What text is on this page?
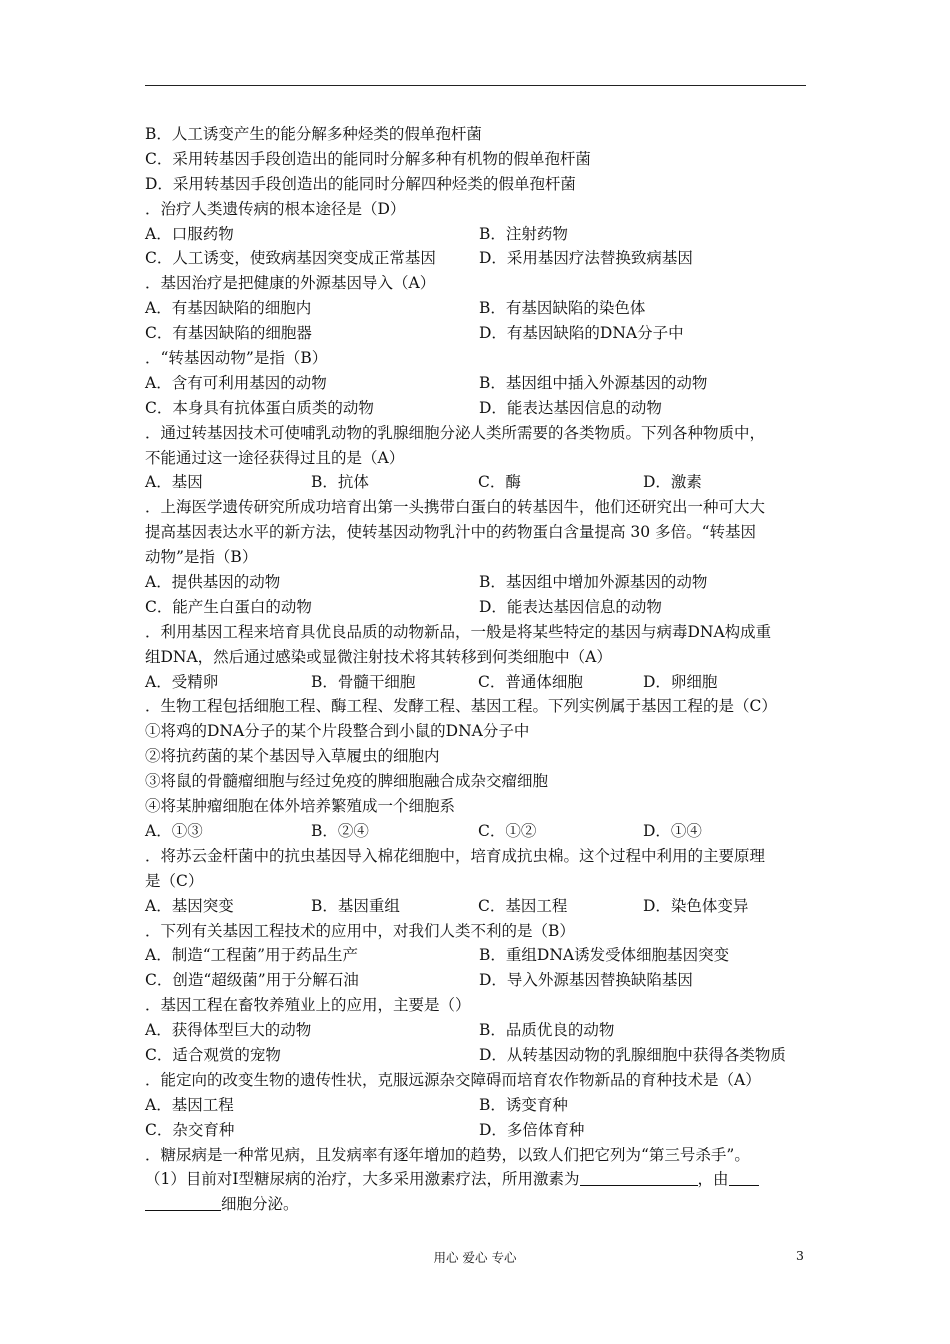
B．人工诱变产生的能分解多种烃类的假单孢杆菌
C．采用转基因手段创造出的能同时分解多种有机物的假单孢杆菌
D．采用转基因手段创造出的能同时分解四种烃类的假单孢杆菌
．治疗人类遗传病的根本途径是（D）
A．口服药物	B．注射药物
C．人工诱变，使致病基因突变成正常基因	D．采用基因疗法替换致病基因
．基因治疗是把健康的外源基因导入（A）
A．有基因缺陷的细胞内	B．有基因缺陷的染色体
C．有基因缺陷的细胞器	D．有基因缺陷的DNA分子中
．“转基因动物”是指（B）
A．含有可利用基因的动物	B．基因组中插入外源基因的动物
C．本身具有抗体蛋白质类的动物	D．能表达基因信息的动物
．通过转基因技术可使哺乳动物的乳腺细胞分泌人类所需要的各类物质。下列各种物质中，
不能通过这一途径获得过且的是（A）
A．基因	B．抗体	C．酶	D．激素
．上海医学遗传研究所成功培育出第一头携带白蛋白的转基因牛，他们还研究出一种可大大
提高基因表达水平的新方法，使转基因动物乳汁中的药物蛋白含量提高 30 多倍。“转基因
动物”是指（B）
A．提供基因的动物	B．基因组中增加外源基因的动物
C．能产生白蛋白的动物	D．能表达基因信息的动物
．利用基因工程来培育具优良品质的动物新品，一般是将某些特定的基因与病毒DNA构成重
组DNA，然后通过感染或显微注射技术将其转移到何类细胞中（A）
A．受精卵	B．骨髓干细胞	C．普通体细胞	D．卵细胞
．生物工程包括细胞工程、酶工程、发酵工程、基因工程。下列实例属于基因工程的是（C）
①将鸡的DNA分子的某个片段整合到小鼠的DNA分子中
②将抗药菌的某个基因导入草履虫的细胞内
③将鼠的骨髓瘤细胞与经过免疫的脾细胞融合成杂交瘤细胞
④将某肿瘤细胞在体外培养繁殖成一个细胞系
A．①③	B．②④	C．①②	D．①④
．将苏云金杆菌中的抗虫基因导入棉花细胞中，培育成抗虫棉。这个过程中利用的主要原理
是（C）
A．基因突变	B．基因重组	C．基因工程	D．染色体变异
．下列有关基因工程技术的应用中，对我们人类不利的是（B）
A．制造“工程菌”用于药品生产	B．重组DNA诱发受体细胞基因突变
C．创造“超级菌”用于分解石油	D．导入外源基因替换缺陷基因
．基因工程在畜牧养殖业上的应用，主要是（）
A．获得体型巨大的动物	B．品质优良的动物
C．适合观赏的宠物	D．从转基因动物的乳腺细胞中获得各类物质
．能定向的改变生物的遗传性状，克服远源杂交障碍而培育农作物新品的育种技术是（A）
A．基因工程	B．诱变育种
C．杂交育种	D．多倍体育种
．糖尿病是一种常见病，且发病率有逐年增加的趋势，以致人们把它列为“第三号杀手”。
（1）目前对Ⅰ型糖尿病的治疗，大多采用激素疗法，所用激素为	，由
细胞分泌。
用心 爱心 专心	3
